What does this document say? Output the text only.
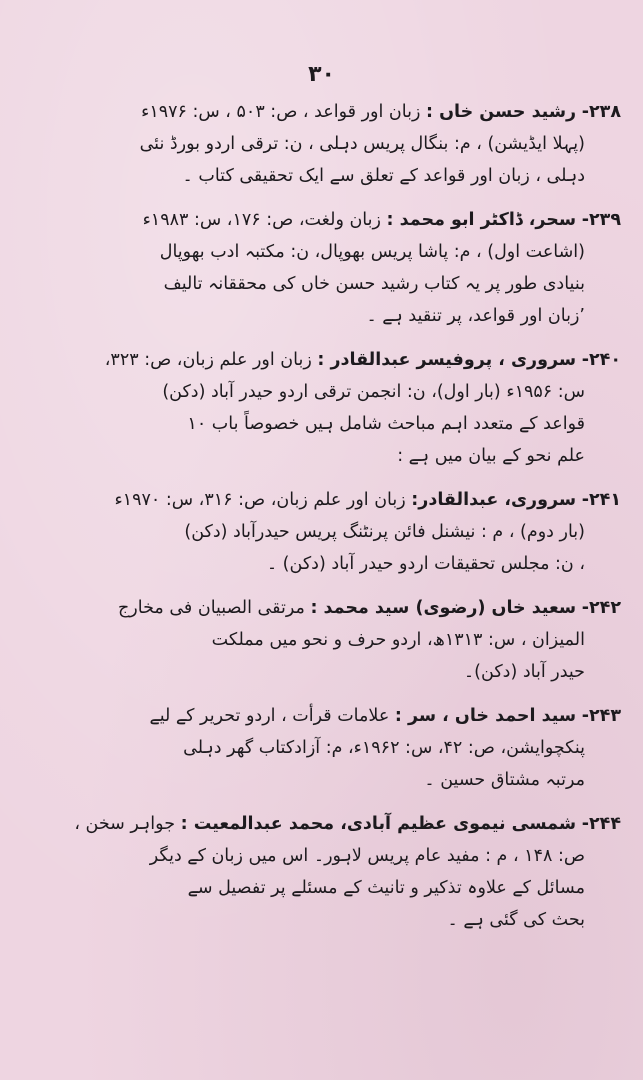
۳۰

۲۳۸- رشید حسن خاں : زبان اور قواعد ، ص: ۵۰۳ ، س: ۱۹۷۶ء

(پہلا ایڈیشن) ، م: بنگال پریس دہلی ، ن: ترقی اردو بورڈ نئی

دہلی ، زبان اور قواعد کے تعلق سے ایک تحقیقی کتاب ۔

۲۳۹- سحر، ڈاکٹر ابو محمد : زبان ولغت، ص: ۱۷۶، س: ۱۹۸۳ء

(اشاعت اول) ، م: پاشا پریس بھوپال، ن: مکتبہ ادب بھوپال

بنیادی طور پر یہ کتاب رشید حسن خاں کی محققانہ تالیف

’زبان اور قواعد، پر تنقید ہے ۔

۲۴۰- سروری ، پروفیسر عبدالقادر : زبان اور علم زبان، ص: ۳۲۳،

س: ۱۹۵۶ء (بار اول)، ن: انجمن ترقی اردو حیدر آباد (دکن)

قواعد کے متعدد اہم مباحث شامل ہیں خصوصاً باب ۱۰

علم نحو کے بیان میں ہے :

۲۴۱- سروری، عبدالقادر: زبان اور علم زبان، ص: ۳۱۶، س: ۱۹۷۰ء

(بار دوم) ، م : نیشنل فائن پرنٹنگ پریس حیدرآباد (دکن)

، ن: مجلس تحقیقات اردو حیدر آباد (دکن) ۔

۲۴۲- سعید خاں (رضوی) سید محمد : مرتقی الصبیان فی مخارج

المیزان ، س: ۱۳۱۳ھ، اردو حرف و نحو میں مملکت

حیدر آباد (دکن)۔

۲۴۳- سید احمد خاں ، سر : علامات قرأت ، اردو تحریر کے لیے

پنکچوایشن، ص: ۴۲، س: ۱۹۶۲ء، م: آزادکتاب گھر دہلی

مرتبہ مشتاق حسین ۔

۲۴۴- شمسی نیموی عظیم آبادی، محمد عبدالمعیت : جواہر سخن ،

ص: ۱۴۸ ، م : مفید عام پریس لاہور۔ اس میں زبان کے دیگر

مسائل کے علاوہ تذکیر و تانیث کے مسئلے پر تفصیل سے

بحث کی گئی ہے ۔
